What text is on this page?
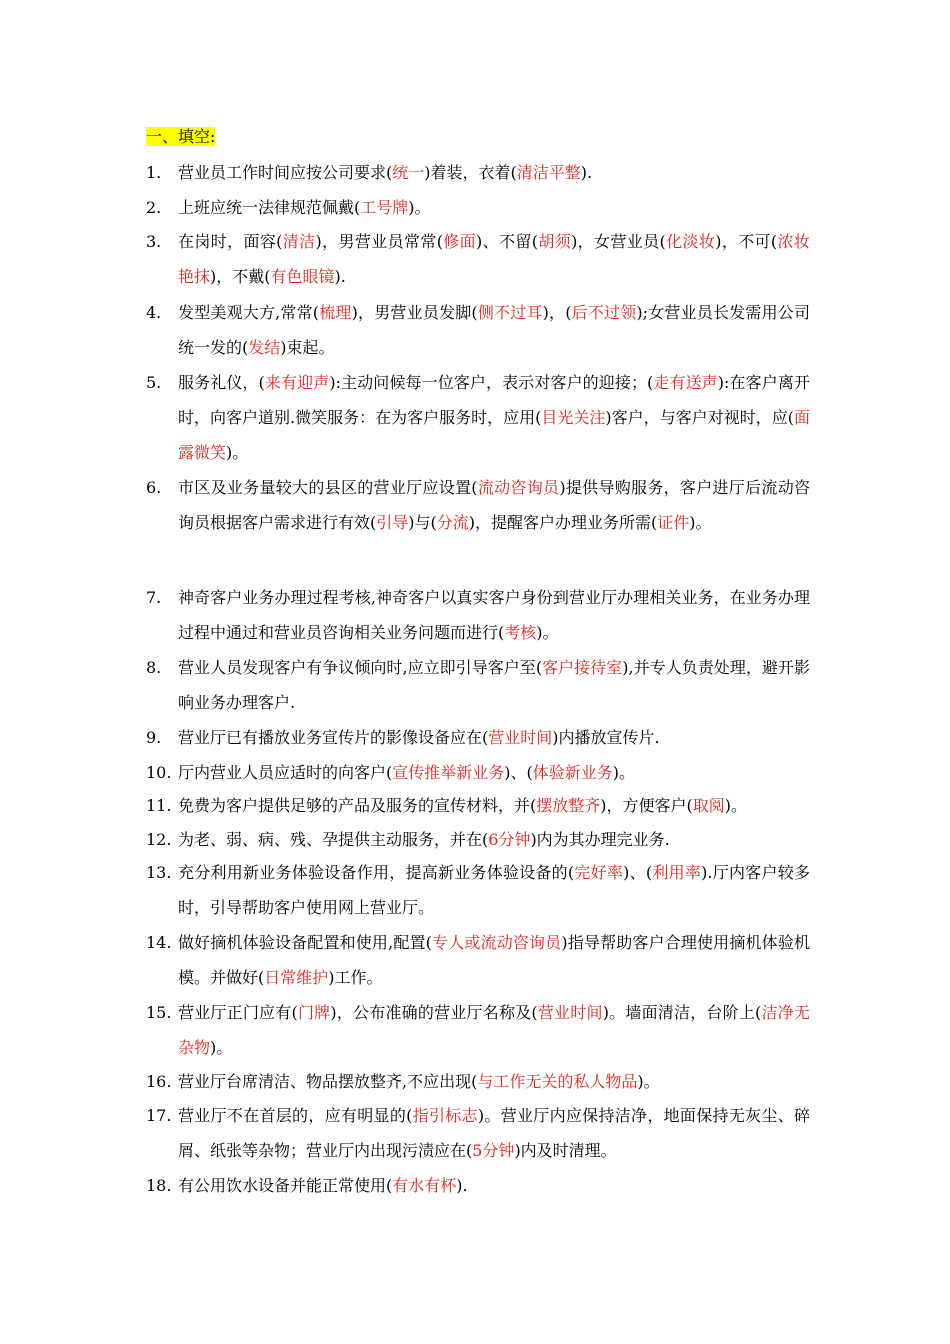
一、填空:
1.	营业员工作时间应按公司要求(统一)着装，衣着(清洁平整).
2.	上班应统一法律规范佩戴(工号牌)。
3.	在岗时，面容(清洁)，男营业员常常(修面)、不留(胡须)，女营业员(化淡妆)，不可(浓妆艳抹)，不戴(有色眼镜).
4.	发型美观大方,常常(梳理)，男营业员发脚(侧不过耳)，(后不过领);女营业员长发需用公司统一发的(发结)束起。
5.	服务礼仪，(来有迎声):主动问候每一位客户，表示对客户的迎接；(走有送声):在客户离开时，向客户道别.微笑服务：在为客户服务时，应用(目光关注)客户，与客户对视时，应(面露微笑)。
6.	市区及业务量较大的县区的营业厅应设置(流动咨询员)提供导购服务，客户进厅后流动咨询员根据客户需求进行有效(引导)与(分流)，提醒客户办理业务所需(证件)。
7.	神奇客户业务办理过程考核,神奇客户以真实客户身份到营业厅办理相关业务，在业务办理过程中通过和营业员咨询相关业务问题而进行(考核)。
8.	营业人员发现客户有争议倾向时,应立即引导客户至(客户接待室),并专人负责处理，避开影响业务办理客户.
9.	营业厅已有播放业务宣传片的影像设备应在(营业时间)内播放宣传片.
10. 厅内营业人员应适时的向客户(宣传推举新业务)、(体验新业务)。
11. 免费为客户提供足够的产品及服务的宣传材料，并(摆放整齐)，方便客户(取阅)。
12. 为老、弱、病、残、孕提供主动服务，并在(6分钟)内为其办理完业务.
13. 充分利用新业务体验设备作用，提高新业务体验设备的(完好率)、(利用率).厅内客户较多时，引导帮助客户使用网上营业厅。
14. 做好摘机体验设备配置和使用,配置(专人或流动咨询员)指导帮助客户合理使用摘机体验机模。并做好(日常维护)工作。
15. 营业厅正门应有(门牌)，公布准确的营业厅名称及(营业时间)。墙面清洁，台阶上(洁净无杂物)。
16. 营业厅台席清洁、物品摆放整齐,不应出现(与工作无关的私人物品)。
17. 营业厅不在首层的，应有明显的(指引标志)。营业厅内应保持洁净，地面保持无灰尘、碎屑、纸张等杂物；营业厅内出现污渍应在(5分钟)内及时清理。
18. 有公用饮水设备并能正常使用(有水有杯).
